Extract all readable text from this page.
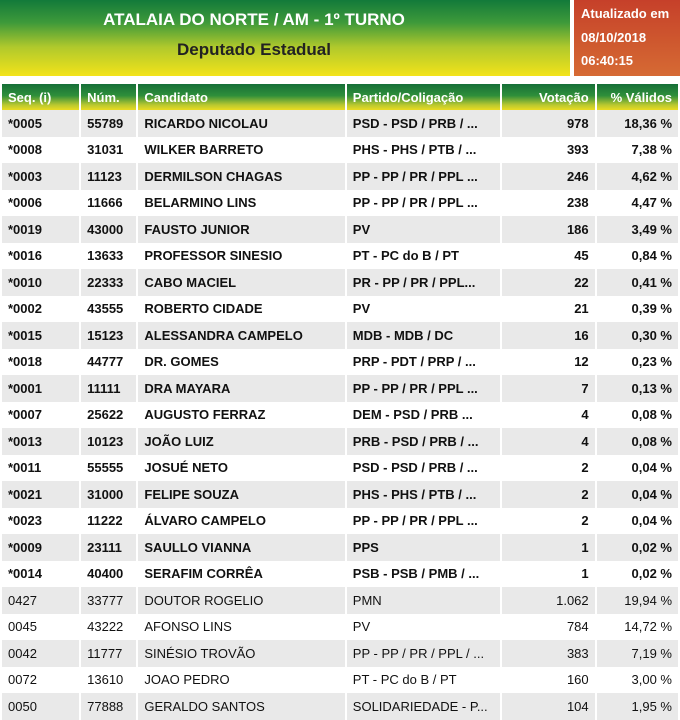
ATALAIA DO NORTE / AM - 1º TURNO
Deputado Estadual
Atualizado em
08/10/2018
06:40:15
Seq. (i)	Núm.	Candidato	Partido/Coligação	Votação	% Válidos
*0005	55789	RICARDO NICOLAU	PSD - PSD / PRB / ...	978	18,36 %
*0008	31031	WILKER BARRETO	PHS - PHS / PTB / ...	393	7,38 %
*0003	11123	DERMILSON CHAGAS	PP - PP / PR / PPL ...	246	4,62 %
*0006	11666	BELARMINO LINS	PP - PP / PR / PPL ...	238	4,47 %
*0019	43000	FAUSTO JUNIOR	PV	186	3,49 %
*0016	13633	PROFESSOR SINESIO	PT - PC do B / PT	45	0,84 %
*0010	22333	CABO MACIEL	PR - PP / PR / PPL...	22	0,41 %
*0002	43555	ROBERTO CIDADE	PV	21	0,39 %
*0015	15123	ALESSANDRA CAMPELO	MDB - MDB / DC	16	0,30 %
*0018	44777	DR. GOMES	PRP - PDT / PRP / ...	12	0,23 %
*0001	11111	DRA MAYARA	PP - PP / PR / PPL ...	7	0,13 %
*0007	25622	AUGUSTO FERRAZ	DEM - PSD / PRB ...	4	0,08 %
*0013	10123	JOÃO LUIZ	PRB - PSD / PRB / ...	4	0,08 %
*0011	55555	JOSUÉ NETO	PSD - PSD / PRB / ...	2	0,04 %
*0021	31000	FELIPE SOUZA	PHS - PHS / PTB / ...	2	0,04 %
*0023	11222	ÁLVARO CAMPELO	PP - PP / PR / PPL ...	2	0,04 %
*0009	23111	SAULLO VIANNA	PPS	1	0,02 %
*0014	40400	SERAFIM CORRÊA	PSB - PSB / PMB / ...	1	0,02 %
0427	33777	DOUTOR ROGELIO	PMN	1.062	19,94 %
0045	43222	AFONSO LINS	PV	784	14,72 %
0042	11777	SINÉSIO TROVÃO	PP - PP / PR / PPL / ...	383	7,19 %
0072	13610	JOAO PEDRO	PT - PC do B / PT	160	3,00 %
0050	77888	GERALDO SANTOS	SOLIDARIEDADE - P...	104	1,95 %
